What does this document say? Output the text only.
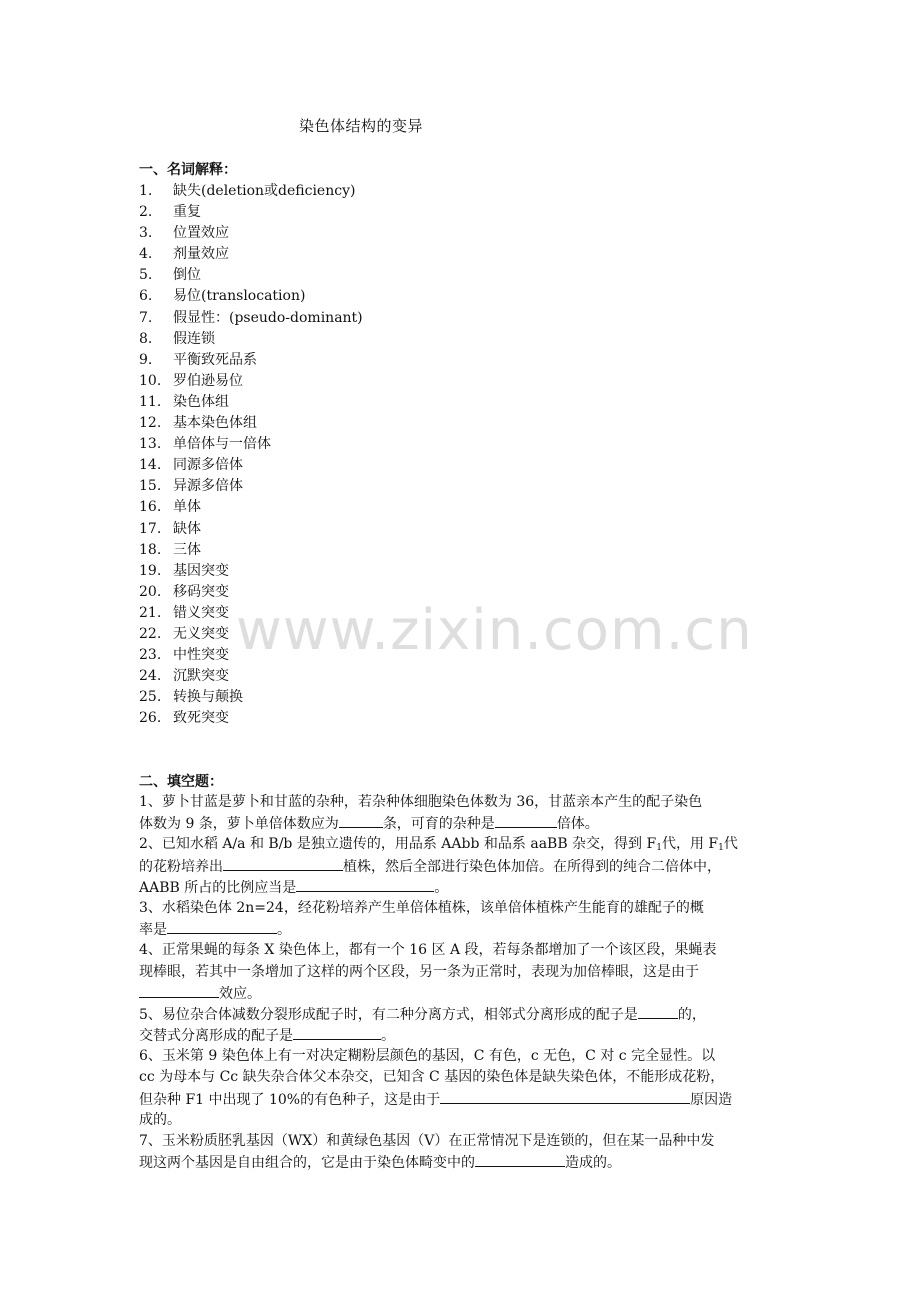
www.zixin.com.cn
染色体结构的变异
一、名词解释：
1. 缺失(deletion或deficiency)
2. 重复
3. 位置效应
4. 剂量效应
5. 倒位
6. 易位(translocation)
7. 假显性：(pseudo-dominant)
8. 假连锁
9. 平衡致死品系
10. 罗伯逊易位
11. 染色体组
12. 基本染色体组
13. 单倍体与一倍体
14. 同源多倍体
15. 异源多倍体
16. 单体
17. 缺体
18. 三体
19. 基因突变
20. 移码突变
21. 错义突变
22. 无义突变
23. 中性突变
24. 沉默突变
25. 转换与颠换
26. 致死突变
二、填空题：
1、萝卜甘蓝是萝卜和甘蓝的杂种，若杂种体细胞染色体数为 36，甘蓝亲本产生的配子染色
体数为 9 条，萝卜单倍体数应为	条，可育的杂种是	倍体。
2、已知水稻 A/a 和 B/b 是独立遗传的，用品系 AAbb 和品系 aaBB 杂交，得到 $F_1$代，用 $F_1$代
的花粉培养出	植株，然后全部进行染色体加倍。在所得到的纯合二倍体中，
AABB 所占的比例应当是	。
3、水稻染色体 2n=24，经花粉培养产生单倍体植株，该单倍体植株产生能育的雄配子的概
率是	。
4、正常果蝇的每条 X 染色体上，都有一个 16 区 A 段，若每条都增加了一个该区段，果蝇表
现棒眼，若其中一条增加了这样的两个区段，另一条为正常时，表现为加倍棒眼，这是由于
效应。
5、易位杂合体减数分裂形成配子时，有二种分离方式，相邻式分离形成的配子是	的，
交替式分离形成的配子是	。
6、玉米第 9 染色体上有一对决定糊粉层颜色的基因，C 有色，c 无色，C 对 c 完全显性。以
cc 为母本与 Cc 缺失杂合体父本杂交，已知含 C 基因的染色体是缺失染色体，不能形成花粉，
但杂种 F1 中出现了 10%的有色种子，这是由于	原因造
成的。
7、玉米粉质胚乳基因（WX）和黄绿色基因（V）在正常情况下是连锁的，但在某一品种中发
现这两个基因是自由组合的，它是由于染色体畸变中的	造成的。
